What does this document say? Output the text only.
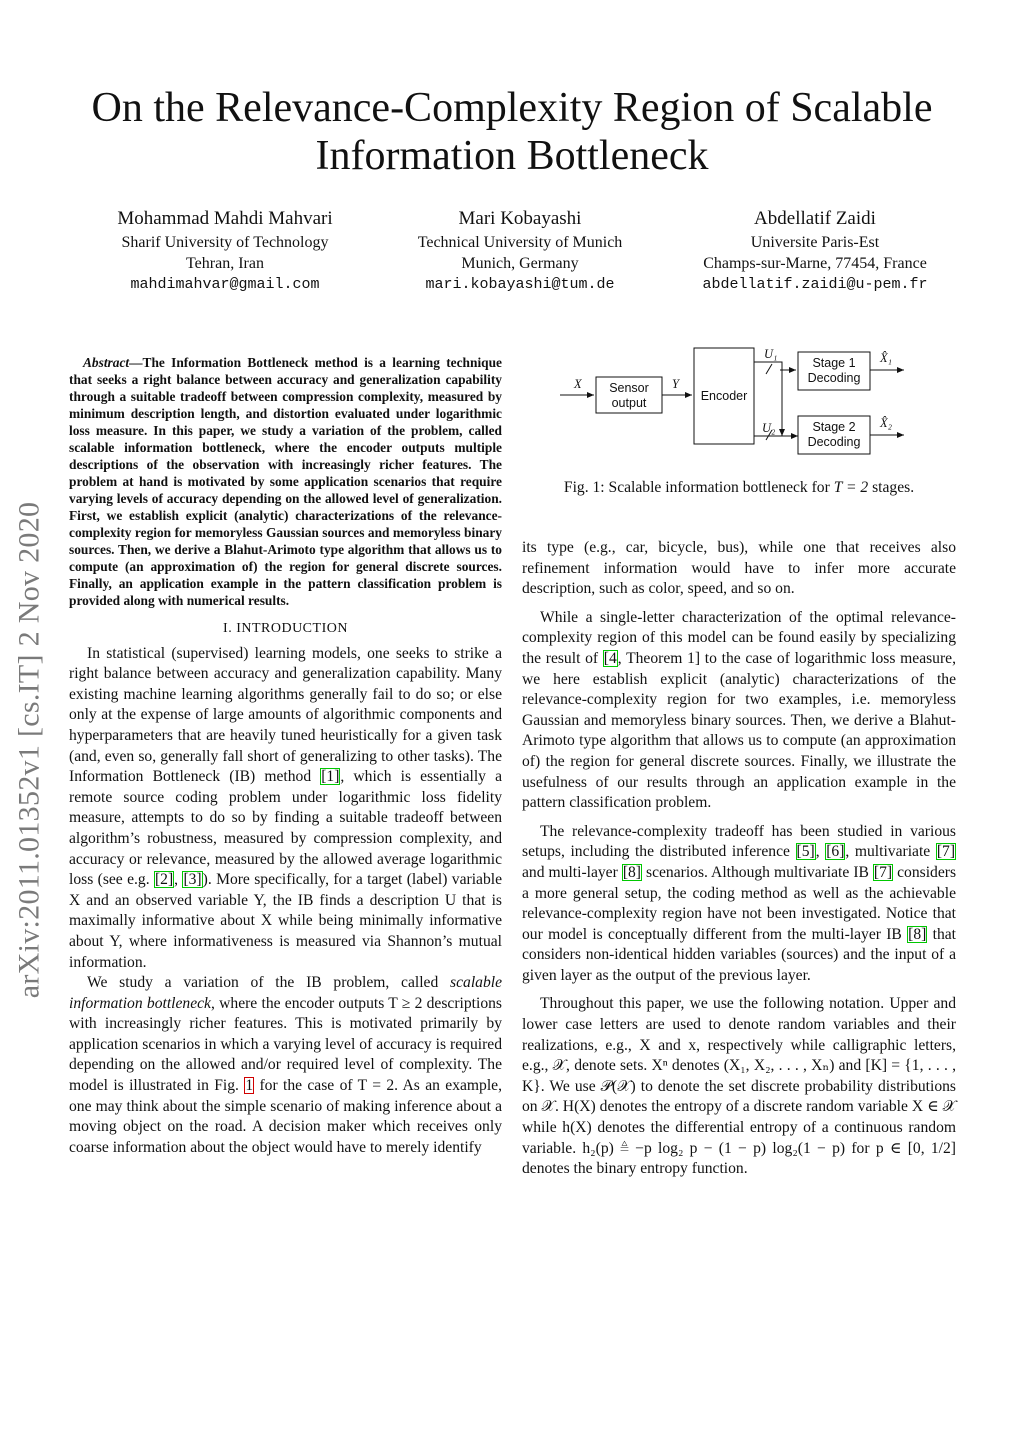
arXiv:2011.01352v1 [cs.IT] 2 Nov 2020
On the Relevance-Complexity Region of Scalable
Information Bottleneck
Mohammad Mahdi Mahvari
Sharif University of Technology
Tehran, Iran
mahdimahvar@gmail.com
Mari Kobayashi
Technical University of Munich
Munich, Germany
mari.kobayashi@tum.de
Abdellatif Zaidi
Universite Paris-Est
Champs-sur-Marne, 77454, France
abdellatif.zaidi@u-pem.fr

Abstract—The Information Bottleneck method is a learning technique that seeks a right balance between accuracy and generalization capability through a suitable tradeoff between compression complexity, measured by minimum description length, and distortion evaluated under logarithmic loss measure. In this paper, we study a variation of the problem, called scalable information bottleneck, where the encoder outputs multiple descriptions of the observation with increasingly richer features. The problem at hand is motivated by some application scenarios that require varying levels of accuracy depending on the allowed level of generalization. First, we establish explicit (analytic) characterizations of the relevance-complexity region for memoryless Gaussian sources and memoryless binary sources. Then, we derive a Blahut-Arimoto type algorithm that allows us to compute (an approximation of) the region for general discrete sources. Finally, an application example in the pattern classification problem is provided along with numerical results.

I. INTRODUCTION

In statistical (supervised) learning models, one seeks to strike a right balance between accuracy and generalization capability. Many existing machine learning algorithms generally fail to do so; or else only at the expense of large amounts of algorithmic components and hyperparameters that are heavily tuned heuristically for a given task (and, even so, generally fall short of generalizing to other tasks). The Information Bottleneck (IB) method [1], which is essentially a remote source coding problem under logarithmic loss fidelity measure, attempts to do so by finding a suitable tradeoff between algorithm’s robustness, measured by compression complexity, and accuracy or relevance, measured by the allowed average logarithmic loss (see e.g. [2], [3]). More specifically, for a target (label) variable X and an observed variable Y, the IB finds a description U that is maximally informative about X while being minimally informative about Y, where informativeness is measured via Shannon’s mutual information.

We study a variation of the IB problem, called scalable information bottleneck, where the encoder outputs T ≥ 2 descriptions with increasingly richer features. This is motivated primarily by application scenarios in which a varying level of accuracy is required depending on the allowed and/or required level of complexity. The model is illustrated in Fig. 1 for the case of T = 2. As an example, one may think about the simple scenario of making inference about a moving object on the road. A decision maker which receives only coarse information about the object would have to merely identify

X Sensor
output
Y
Encoder
U₁
U₂
Stage 1
Decoding
Stage 2
Decoding
X̂₁
X̂₂
Fig. 1: Scalable information bottleneck for T = 2 stages.

its type (e.g., car, bicycle, bus), while one that receives also refinement information would have to infer more accurate description, such as color, speed, and so on.

While a single-letter characterization of the optimal relevance-complexity region of this model can be found easily by specializing the result of [4, Theorem 1] to the case of logarithmic loss measure, we here establish explicit (analytic) characterizations of the relevance-complexity region for two examples, i.e. memoryless Gaussian and memoryless binary sources. Then, we derive a Blahut-Arimoto type algorithm that allows us to compute (an approximation of) the region for general discrete sources. Finally, we illustrate the usefulness of our results through an application example in the pattern classification problem.

The relevance-complexity tradeoff has been studied in various setups, including the distributed inference [5], [6], multivariate [7] and multi-layer [8] scenarios. Although multivariate IB [7] considers a more general setup, the coding method as well as the achievable relevance-complexity region have not been investigated. Notice that our model is conceptually different from the multi-layer IB [8] that considers non-identical hidden variables (sources) and the input of a given layer as the output of the previous layer.

Throughout this paper, we use the following notation. Upper and lower case letters are used to denote random variables and their realizations, e.g., X and x, respectively while calligraphic letters, e.g., 𝒳, denote sets. Xⁿ denotes (X₁, X₂, . . . , Xₙ) and [K] = {1, . . . , K}. We use 𝒫(𝒳) to denote the set discrete probability distributions on 𝒳. H(X) denotes the entropy of a discrete random variable X ∈ 𝒳 while h(X) denotes the differential entropy of a continuous random variable. h₂(p) ≜ −p log₂ p − (1 − p) log₂(1 − p) for p ∈ [0, 1/2] denotes the binary entropy function.
